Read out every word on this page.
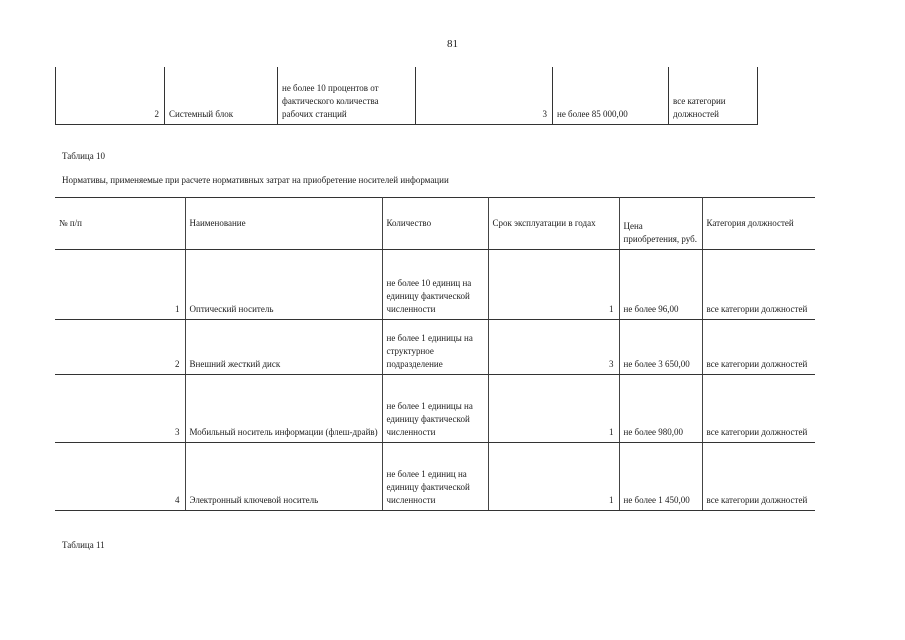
81
2	Системный блок	не более 10 процентов от фактического количества рабочих станций	3	не более 85 000,00	все категории должностей
Таблица 10
Нормативы, применяемые при расчете нормативных затрат на приобретение носителей информации
№ п/п	Наименование	Количество	Срок эксплуатации в годах	Цена приобретения, руб.	Категория должностей
1	Оптический носитель	не более 10 единиц на единицу фактической численности	1	не более 96,00	все категории должностей
2	Внешний жесткий диск	не более 1 единицы на структурное подразделение	3	не более 3 650,00	все категории должностей
3	Мобильный носитель информации (флеш-драйв)	не более 1 единицы на единицу фактической численности	1	не более 980,00	все категории должностей
4	Электронный ключевой носитель	не более 1 единиц на единицу фактической численности	1	не более 1 450,00	все категории должностей
Таблица 11
